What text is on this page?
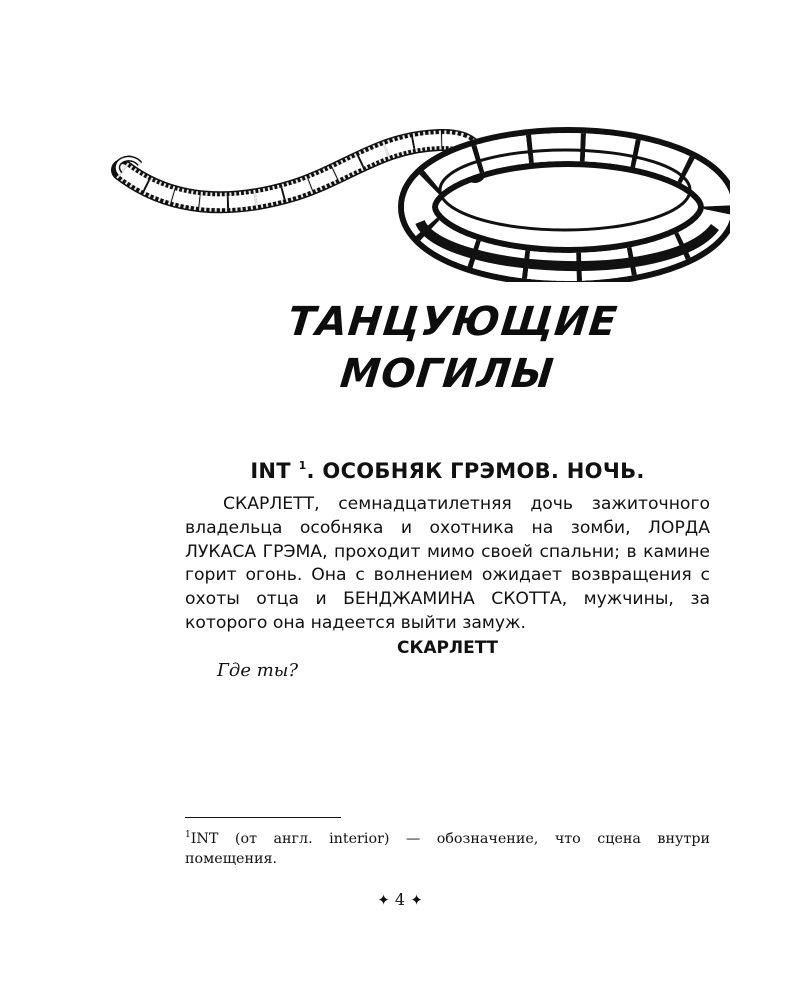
ТАНЦУЮЩИЕ
МОГИЛЫ
INT $^1$. ОСОБНЯК ГРЭМОВ. НОЧЬ.

СКАРЛЕТТ, семнадцатилетняя дочь зажиточного владельца особняка и охотника на зомби, ЛОРДА ЛУКАСА ГРЭМА, проходит мимо своей спальни; в камине горит огонь. Она с волнением ожидает возвращения с охоты отца и БЕНДЖАМИНА СКОТТА, мужчины, за которого она надеется выйти замуж.

СКАРЛЕТТ
Где ты?
$^1$INT (от англ. interior) — обозначение, что сцена внутри помещения.
✦ 4 ✦
